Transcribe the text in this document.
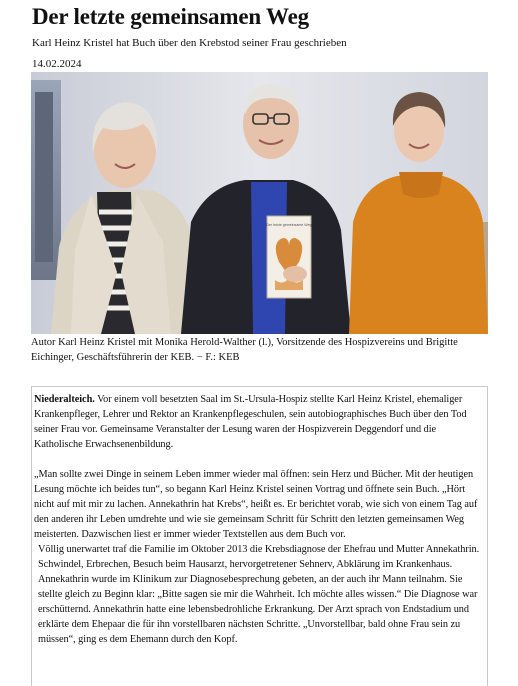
Der letzte gemeinsamen Weg
Karl Heinz Kristel hat Buch über den Krebstod seiner Frau geschrieben
14.02.2024
Der letzte gemeinsame Weg
Autor Karl Heinz Kristel mit Monika Herold-Walther (l.), Vorsitzende des Hospizvereins und Brigitte Eichinger, Geschäftsführerin der KEB. − F.: KEB

Niederalteich. Vor einem voll besetzten Saal im St.-Ursula-Hospiz stellte Karl Heinz Kristel, ehemaliger Krankenpfleger, Lehrer und Rektor an Krankenpflegeschulen, sein autobiographisches Buch über den Tod seiner Frau vor. Gemeinsame Veranstalter der Lesung waren der Hospizverein Deggendorf und die Katholische Erwachsenenbildung.

„Man sollte zwei Dinge in seinem Leben immer wieder mal öffnen: sein Herz und Bücher. Mit der heutigen Lesung möchte ich beides tun“, so begann Karl Heinz Kristel seinen Vortrag und öffnete sein Buch. „Hört nicht auf mit mir zu lachen. Annekathrin hat Krebs“, heißt es. Er berichtet vorab, wie sich von einem Tag auf den anderen ihr Leben umdrehte und wie sie gemeinsam Schritt für Schritt den letzten gemeinsamen Weg meisterten. Dazwischen liest er immer wieder Textstellen aus dem Buch vor.

Völlig unerwartet traf die Familie im Oktober 2013 die Krebsdiagnose der Ehefrau und Mutter Annekathrin. Schwindel, Erbrechen, Besuch beim Hausarzt, hervorgetretener Sehnerv, Abklärung im Krankenhaus. Annekathrin wurde im Klinikum zur Diagnosebesprechung gebeten, an der auch ihr Mann teilnahm. Sie stellte gleich zu Beginn klar: „Bitte sagen sie mir die Wahrheit. Ich möchte alles wissen.“ Die Diagnose war erschütternd. Annekathrin hatte eine lebensbedrohliche Erkrankung. Der Arzt sprach von Endstadium und erklärte dem Ehepaar die für ihn vorstellbaren nächsten Schritte. „Unvorstellbar, bald ohne Frau sein zu müssen“, ging es dem Ehemann durch den Kopf.
